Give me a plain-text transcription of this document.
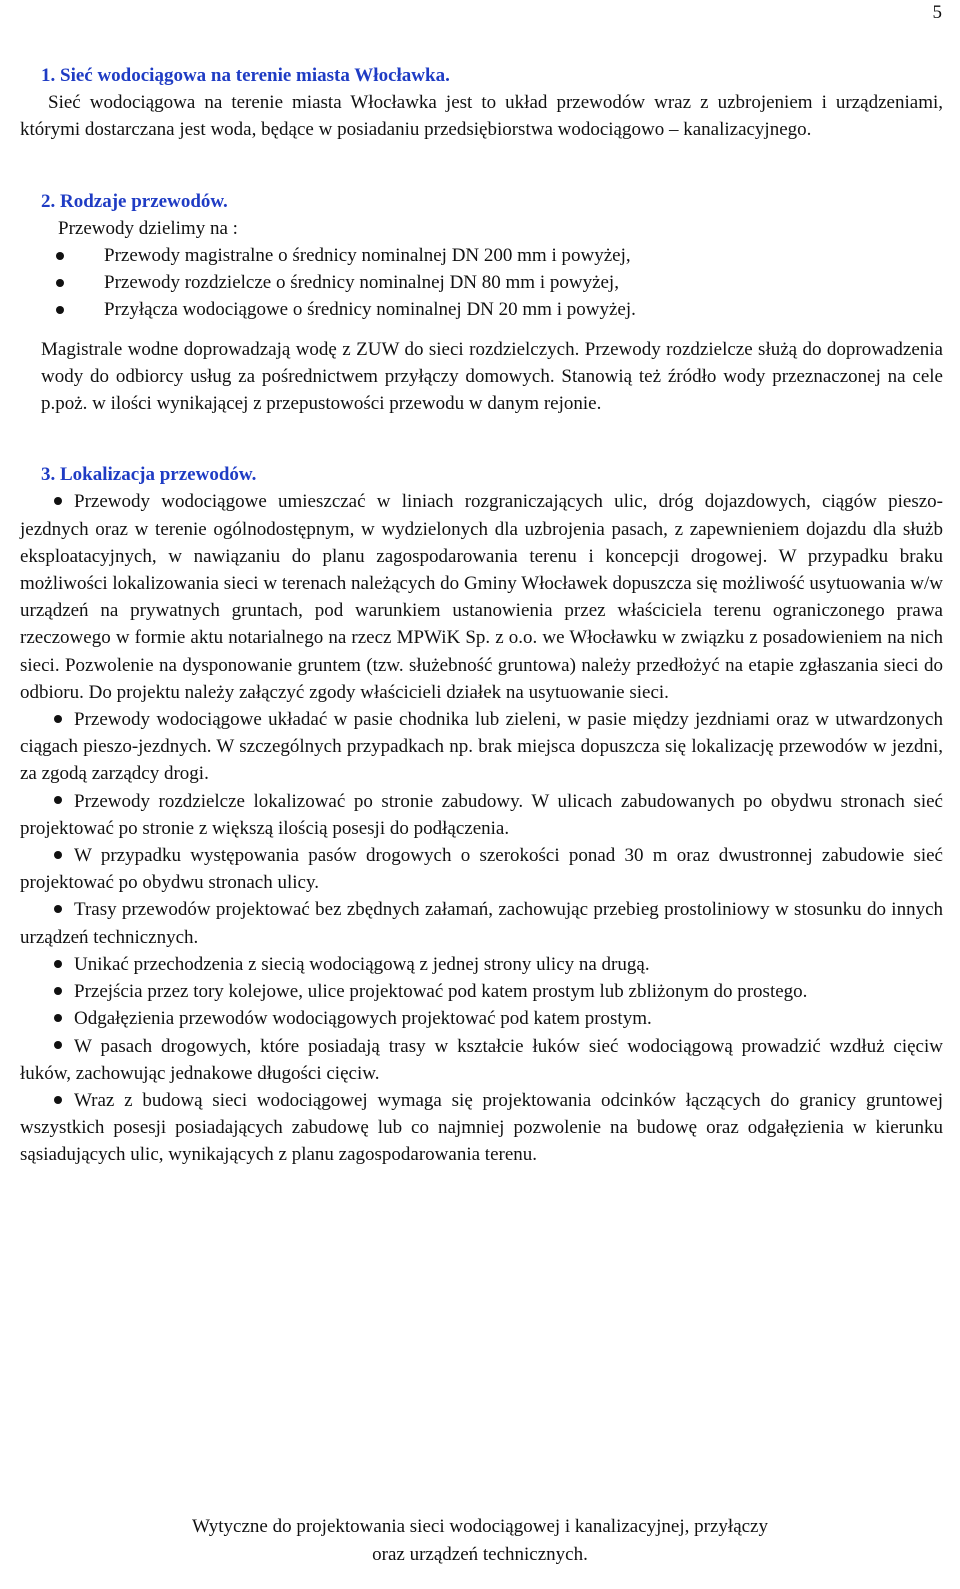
5

1. Sieć wodociągowa na terenie miasta Włocławka.

Sieć wodociągowa na terenie miasta Włocławka jest to układ przewodów wraz z uzbrojeniem i urządzeniami, którymi dostarczana jest woda, będące w posiadaniu przedsiębiorstwa wodociągowo – kanalizacyjnego.

2. Rodzaje przewodów.

Przewody dzielimy na :

Przewody magistralne o średnicy nominalnej DN 200 mm i powyżej,
Przewody rozdzielcze o średnicy nominalnej DN 80 mm i powyżej,
Przyłącza wodociągowe o średnicy nominalnej DN 20 mm i powyżej.

Magistrale wodne doprowadzają wodę z ZUW do sieci rozdzielczych. Przewody rozdzielcze służą do doprowadzenia wody do odbiorcy usług za pośrednictwem przyłączy domowych. Stanowią też źródło wody przeznaczonej na cele p.poż. w ilości wynikającej z przepustowości przewodu w danym rejonie.

3. Lokalizacja przewodów.

Przewody wodociągowe umieszczać w liniach rozgraniczających ulic, dróg dojazdowych, ciągów pieszo-jezdnych oraz w terenie ogólnodostępnym, w wydzielonych dla uzbrojenia pasach, z zapewnieniem dojazdu dla służb eksploatacyjnych, w nawiązaniu do planu zagospodarowania terenu i koncepcji drogowej. W przypadku braku możliwości lokalizowania sieci w terenach należących do Gminy Włocławek dopuszcza się możliwość usytuowania w/w urządzeń na prywatnych gruntach, pod warunkiem ustanowienia przez właściciela terenu ograniczonego prawa rzeczowego w formie aktu notarialnego na rzecz MPWiK Sp. z o.o. we Włocławku w związku z posadowieniem na nich sieci. Pozwolenie na dysponowanie gruntem (tzw. służebność gruntowa) należy przedłożyć na etapie zgłaszania sieci do odbioru. Do projektu należy załączyć zgody właścicieli działek na usytuowanie sieci.
Przewody wodociągowe układać w pasie chodnika lub zieleni, w pasie między jezdniami oraz w utwardzonych ciągach pieszo-jezdnych. W szczególnych przypadkach np. brak miejsca dopuszcza się lokalizację przewodów w jezdni, za zgodą zarządcy drogi.
Przewody rozdzielcze lokalizować po stronie zabudowy. W ulicach zabudowanych po obydwu stronach sieć projektować po stronie z większą ilością posesji do podłączenia.
W przypadku występowania pasów drogowych o szerokości ponad 30 m oraz dwustronnej zabudowie sieć projektować po obydwu stronach ulicy.
Trasy przewodów projektować bez zbędnych załamań, zachowując przebieg prostoliniowy w stosunku do innych urządzeń technicznych.
Unikać przechodzenia z siecią wodociągową z jednej strony ulicy na drugą.
Przejścia przez tory kolejowe, ulice projektować pod katem prostym lub zbliżonym do prostego.
Odgałęzienia przewodów wodociągowych projektować pod katem prostym.
W pasach drogowych, które posiadają trasy w kształcie łuków sieć wodociągową prowadzić wzdłuż cięciw łuków, zachowując jednakowe długości cięciw.
Wraz z budową sieci wodociągowej wymaga się projektowania odcinków łączących do granicy gruntowej wszystkich posesji posiadających zabudowę lub co najmniej pozwolenie na budowę oraz odgałęzienia w kierunku sąsiadujących ulic, wynikających z planu zagospodarowania terenu.
Wytyczne do projektowania sieci wodociągowej i kanalizacyjnej, przyłączy
oraz urządzeń technicznych.
